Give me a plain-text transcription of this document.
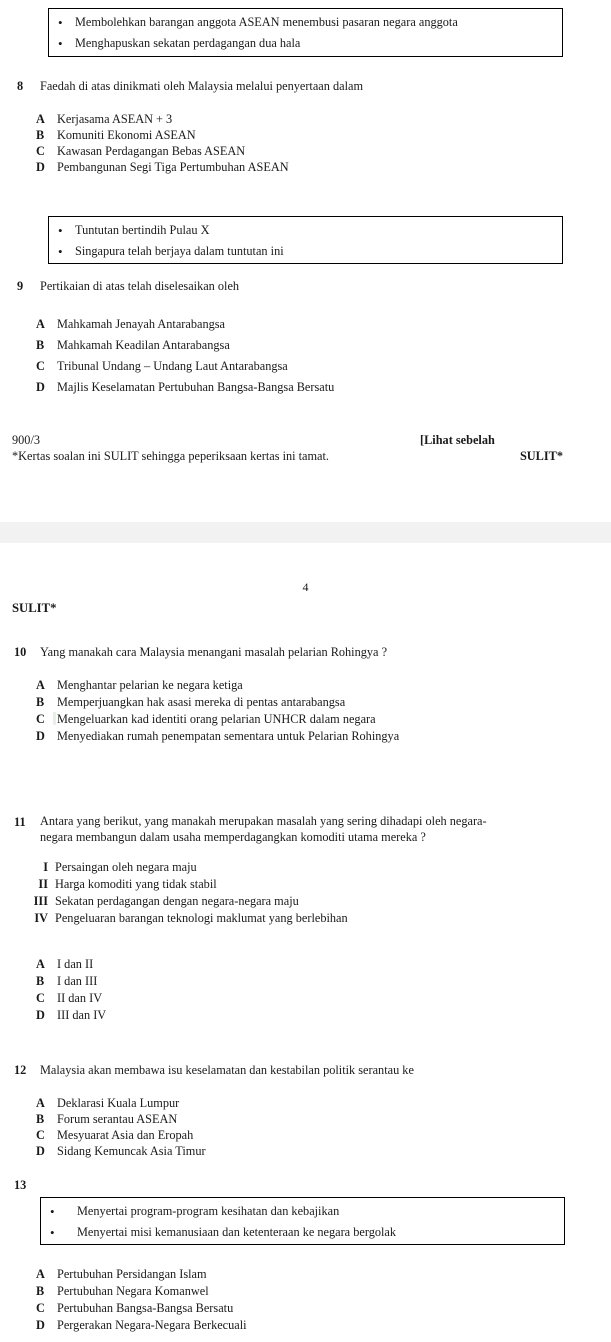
• Membolehkan barangan anggota ASEAN menembusi pasaran negara anggota
• Menghapuskan sekatan perdagangan dua hala
8 Faedah di atas dinikmati oleh Malaysia melalui penyertaan dalam
A Kerjasama ASEAN + 3
B Komuniti Ekonomi ASEAN
C Kawasan Perdagangan Bebas ASEAN
D Pembangunan Segi Tiga Pertumbuhan ASEAN
• Tuntutan bertindih Pulau X
• Singapura telah berjaya dalam tuntutan ini
9 Pertikaian di atas telah diselesaikan oleh
A Mahkamah Jenayah Antarabangsa
B Mahkamah Keadilan Antarabangsa
C Tribunal Undang – Undang Laut Antarabangsa
D Majlis Keselamatan Pertubuhan Bangsa-Bangsa Bersatu
900/3	[Lihat sebelah
*Kertas soalan ini SULIT sehingga peperiksaan kertas ini tamat.	SULIT*
4
SULIT*
10 Yang manakah cara Malaysia menangani masalah pelarian Rohingya ?
A Menghantar pelarian ke negara ketiga
B Memperjuangkan hak asasi mereka di pentas antarabangsa
C Mengeluarkan kad identiti orang pelarian UNHCR dalam negara
D Menyediakan rumah penempatan sementara untuk Pelarian Rohingya
11 Antara yang berikut, yang manakah merupakan masalah yang sering dihadapi oleh negara-
negara membangun dalam usaha memperdagangkan komoditi utama mereka ?
I Persaingan oleh negara maju
II Harga komoditi yang tidak stabil
III Sekatan perdagangan dengan negara-negara maju
IV Pengeluaran barangan teknologi maklumat yang berlebihan
A I dan II
B I dan III
C II dan IV
D III dan IV
12 Malaysia akan membawa isu keselamatan dan kestabilan politik serantau ke
A Deklarasi Kuala Lumpur
B Forum serantau ASEAN
C Mesyuarat Asia dan Eropah
D Sidang Kemuncak Asia Timur
13
• Menyertai program-program kesihatan dan kebajikan
• Menyertai misi kemanusiaan dan ketenteraan ke negara bergolak
A Pertubuhan Persidangan Islam
B Pertubuhan Negara Komanwel
C Pertubuhan Bangsa-Bangsa Bersatu
D Pergerakan Negara-Negara Berkecuali
